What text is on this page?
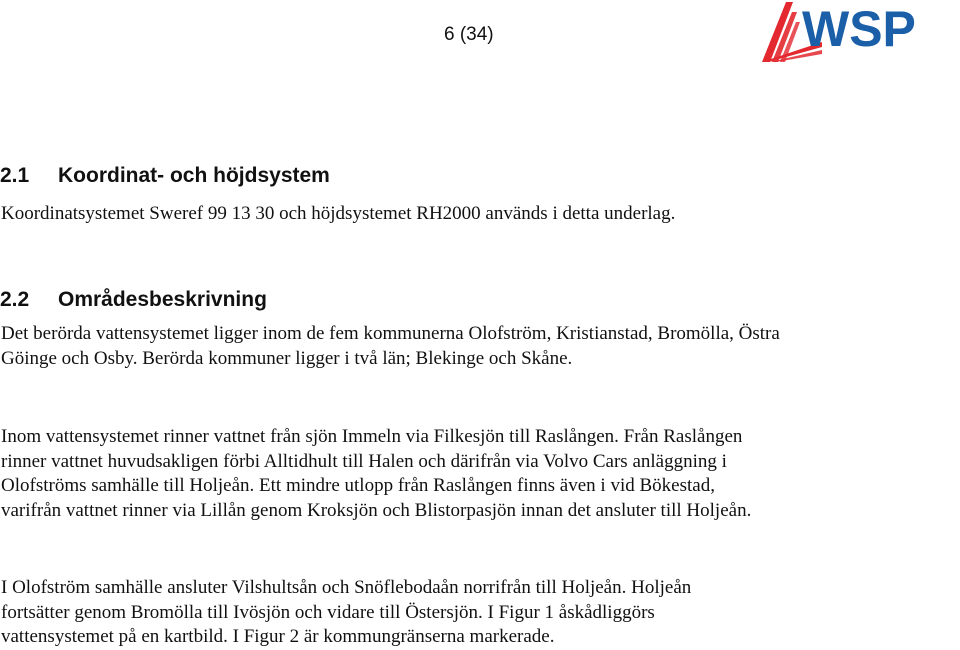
6 (34)	WSP
2.1	Koordinat- och höjdsystem

Koordinatsystemet Sweref 99 13 30 och höjdsystemet RH2000 används i detta underlag.

2.2	Områdesbeskrivning

Det berörda vattensystemet ligger inom de fem kommunerna Olofström, Kristianstad, Bromölla, Östra Göinge och Osby. Berörda kommuner ligger i två län; Blekinge och Skåne.

Inom vattensystemet rinner vattnet från sjön Immeln via Filkesjön till Raslången. Från Raslången rinner vattnet huvudsakligen förbi Alltidhult till Halen och därifrån via Volvo Cars anläggning i Olofströms samhälle till Holjeån. Ett mindre utlopp från Raslången finns även i vid Bökestad, varifrån vattnet rinner via Lillån genom Kroksjön och Blistorpasjön innan det ansluter till Holjeån.

I Olofström samhälle ansluter Vilshultsån och Snöflebodaån norrifrån till Holjeån. Holjeån fortsätter genom Bromölla till Ivösjön och vidare till Östersjön. I Figur 1 åskådliggörs vattensystemet på en kartbild. I Figur 2 är kommungränserna markerade.
